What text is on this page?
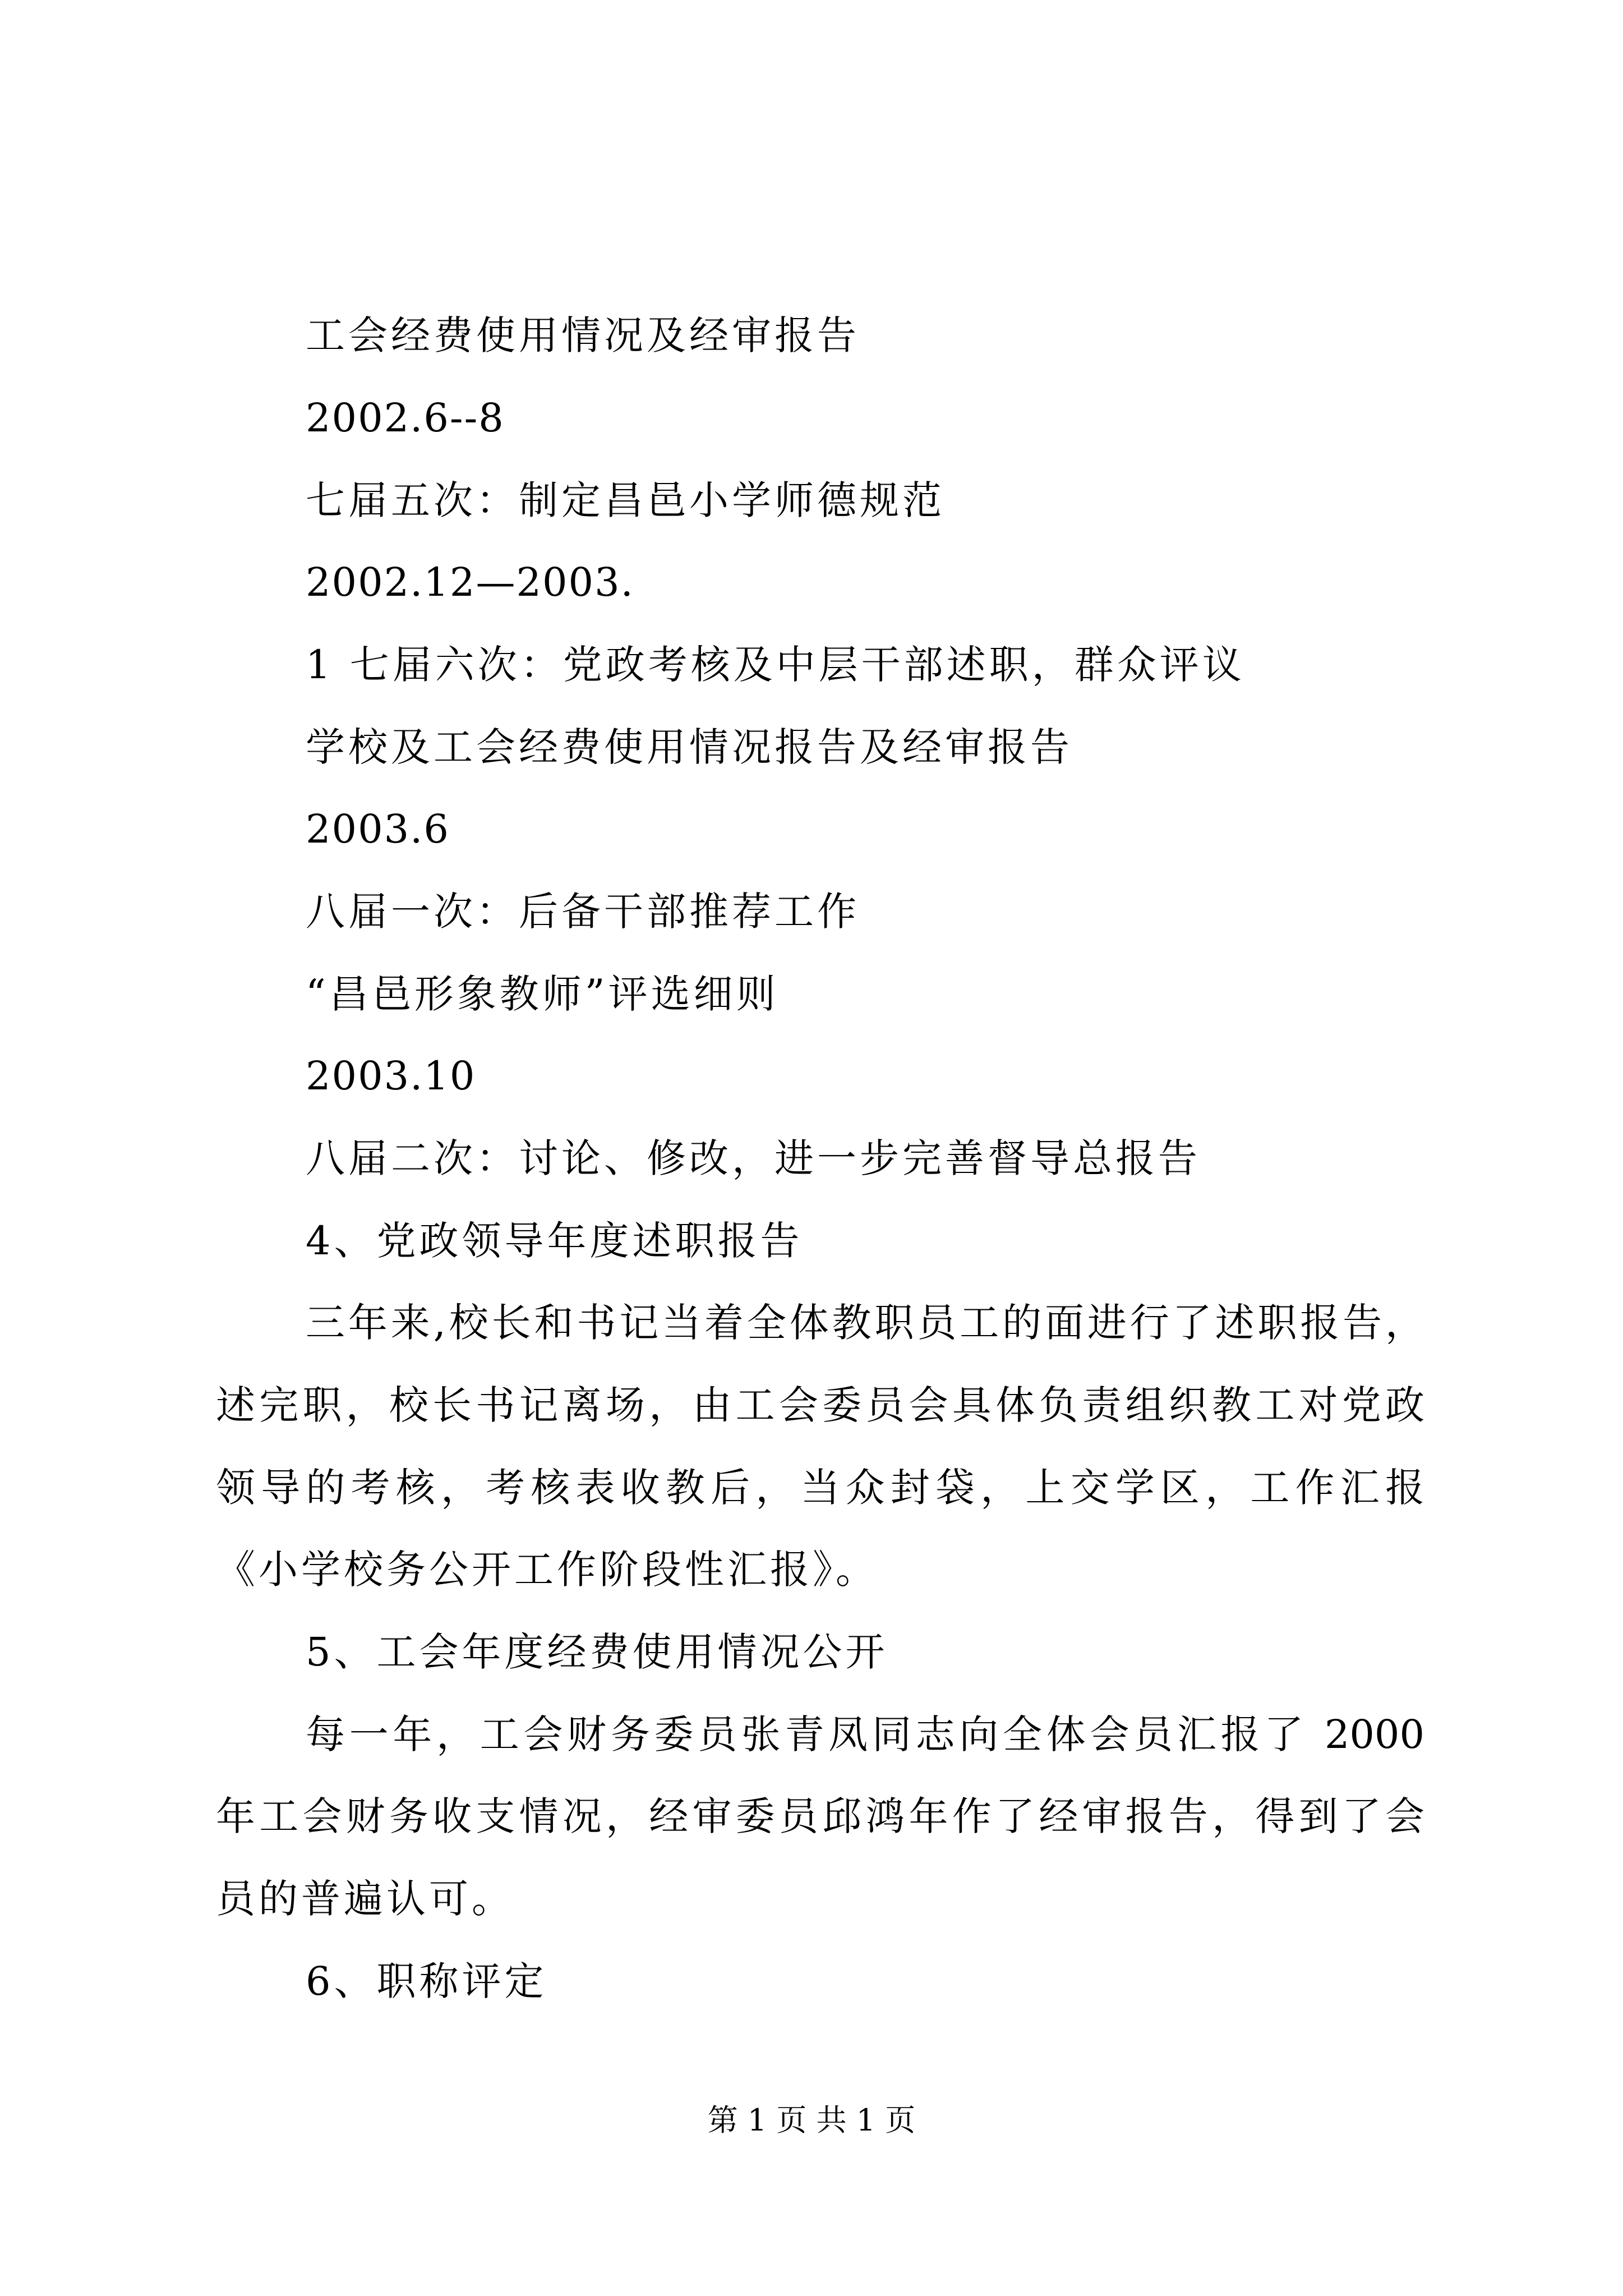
工会经费使用情况及经审报告
2002.6--8
七届五次：制定昌邑小学师德规范
2002.12—2003.
1 七届六次：党政考核及中层干部述职，群众评议
学校及工会经费使用情况报告及经审报告
2003.6
八届一次：后备干部推荐工作
“昌邑形象教师”评选细则
2003.10
八届二次：讨论、修改，进一步完善督导总报告
4、党政领导年度述职报告
三年来,校长和书记当着全体教职员工的面进行了述职报告，
述完职，校长书记离场，由工会委员会具体负责组织教工对党政
领导的考核，考核表收教后，当众封袋，上交学区，工作汇报
《小学校务公开工作阶段性汇报》。
5、工会年度经费使用情况公开
每一年，工会财务委员张青凤同志向全体会员汇报了 2000
年工会财务收支情况，经审委员邱鸿年作了经审报告，得到了会
员的普遍认可。
6、职称评定
第 1 页 共 1 页
